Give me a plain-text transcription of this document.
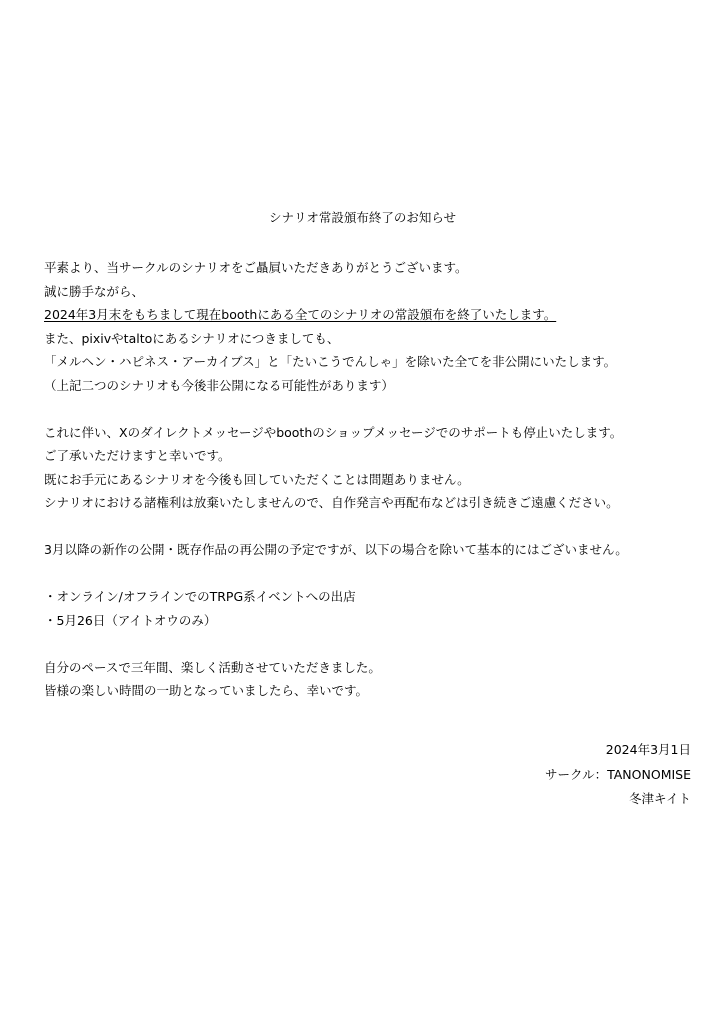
シナリオ常設頒布終了のお知らせ
平素より、当サークルのシナリオをご贔屓いただきありがとうございます。
誠に勝手ながら、
2024年3月末をもちまして現在boothにある全てのシナリオの常設頒布を終了いたします。
また、pixivやtaltoにあるシナリオにつきましても、
「メルヘン・ハピネス・アーカイブス」と「たいこうでんしゃ」を除いた全てを非公開にいたします。
（上記二つのシナリオも今後非公開になる可能性があります）
これに伴い、Xのダイレクトメッセージやboothのショップメッセージでのサポートも停止いたします。
ご了承いただけますと幸いです。
既にお手元にあるシナリオを今後も回していただくことは問題ありません。
シナリオにおける諸権利は放棄いたしませんので、自作発言や再配布などは引き続きご遠慮ください。
3月以降の新作の公開・既存作品の再公開の予定ですが、以下の場合を除いて基本的にはございません。
・オンライン/オフラインでのTRPG系イベントへの出店
・5月26日（アイトオウのみ）
自分のペースで三年間、楽しく活動させていただきました。
皆様の楽しい時間の一助となっていましたら、幸いです。
2024年3月1日
サークル：TANONOMISE
冬津キイト
